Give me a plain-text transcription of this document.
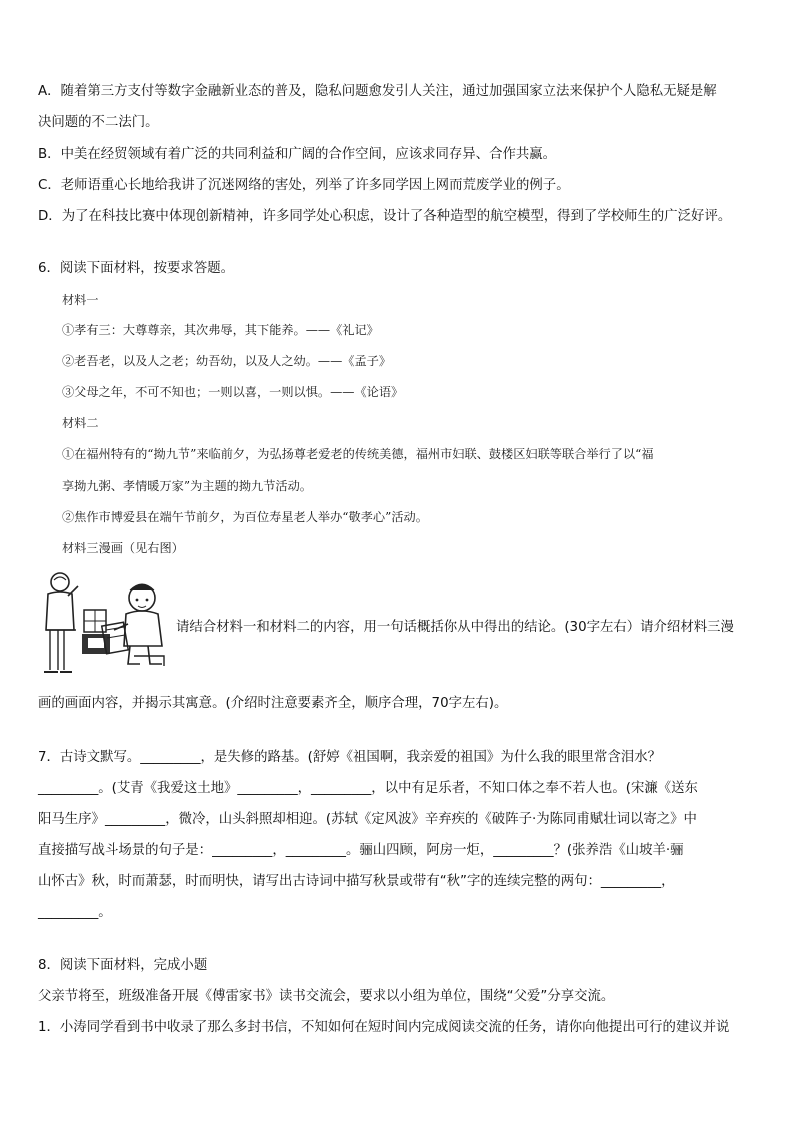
A．随着第三方支付等数字金融新业态的普及，隐私问题愈发引人关注，通过加强国家立法来保护个人隐私无疑是解
决问题的不二法门。
B．中美在经贸领域有着广泛的共同利益和广阔的合作空间，应该求同存异、合作共赢。
C．老师语重心长地给我讲了沉迷网络的害处，列举了许多同学因上网而荒废学业的例子。
D．为了在科技比赛中体现创新精神，许多同学处心积虑，设计了各种造型的航空模型，得到了学校师生的广泛好评。
6．阅读下面材料，按要求答题。
材料一
①孝有三：大尊尊亲，其次弗辱，其下能养。——《礼记》
②老吾老，以及人之老；幼吾幼，以及人之幼。——《孟子》
③父母之年，不可不知也；一则以喜，一则以惧。——《论语》
材料二
①在福州特有的“拗九节”来临前夕，为弘扬尊老爱老的传统美德，福州市妇联、鼓楼区妇联等联合举行了以“福
享拗九粥、孝情暖万家”为主题的拗九节活动。
②焦作市博爱县在端午节前夕，为百位寿星老人举办“敬孝心”活动。
材料三漫画（见右图）
请结合材料一和材料二的内容，用一句话概括你从中得出的结论。(30字左右）请介绍材料三漫
画的画面内容，并揭示其寓意。(介绍时注意要素齐全，顺序合理，70字左右)。
7．古诗文默写。_________，是失修的路基。(舒婷《祖国啊，我亲爱的祖国》为什么我的眼里常含泪水？
_________。(艾青《我爱这土地》_________，_________，以中有足乐者，不知口体之奉不若人也。(宋濂《送东
阳马生序》_________，微冷，山头斜照却相迎。(苏轼《定风波》辛弃疾的《破阵子·为陈同甫赋壮词以寄之》中
直接描写战斗场景的句子是：_________，_________。骊山四顾，阿房一炬，_________？(张养浩《山坡羊·骊
山怀古》秋，时而萧瑟，时而明快，请写出古诗词中描写秋景或带有“秋”字的连续完整的两句：_________，
_________。
8．阅读下面材料，完成小题
父亲节将至，班级准备开展《傅雷家书》读书交流会，要求以小组为单位，围绕“父爱”分享交流。
1．小涛同学看到书中收录了那么多封书信，不知如何在短时间内完成阅读交流的任务，请你向他提出可行的建议并说
